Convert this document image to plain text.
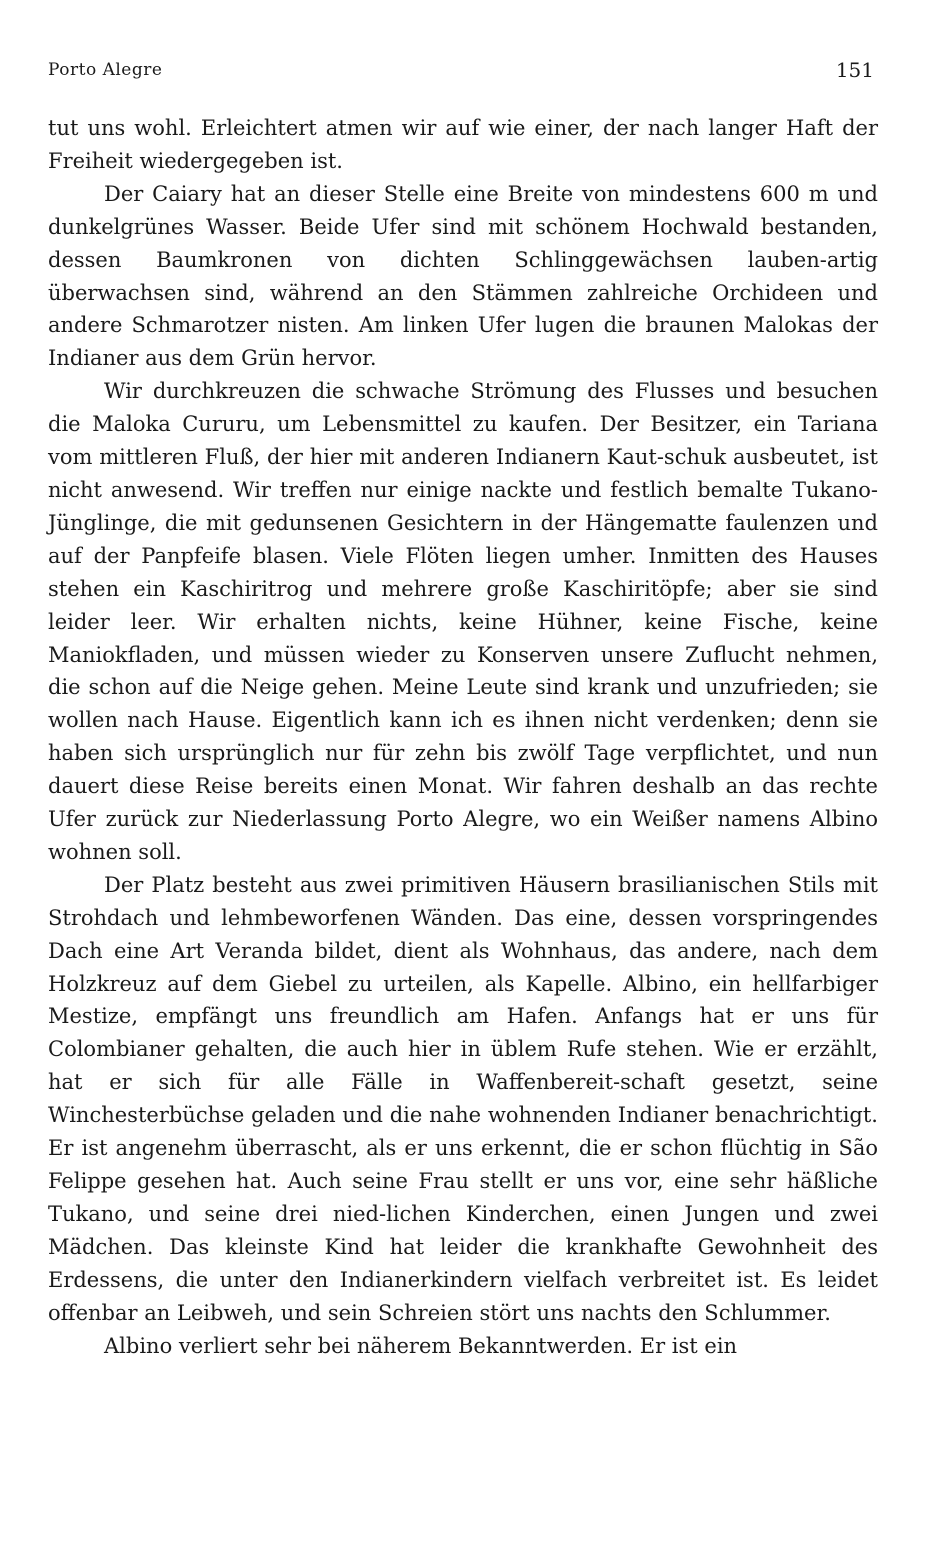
Porto Alegre	151

tut uns wohl. Erleichtert atmen wir auf wie einer, der nach langer Haft der Freiheit wiedergegeben ist.

Der Caiary hat an dieser Stelle eine Breite von mindestens 600 m und dunkelgrünes Wasser. Beide Ufer sind mit schönem Hochwald bestanden, dessen Baumkronen von dichten Schlinggewächsen lauben-artig überwachsen sind, während an den Stämmen zahlreiche Orchideen und andere Schmarotzer nisten. Am linken Ufer lugen die braunen Malokas der Indianer aus dem Grün hervor.

Wir durchkreuzen die schwache Strömung des Flusses und besuchen die Maloka Cururu, um Lebensmittel zu kaufen. Der Besitzer, ein Tariana vom mittleren Fluß, der hier mit anderen Indianern Kaut-schuk ausbeutet, ist nicht anwesend. Wir treffen nur einige nackte und festlich bemalte Tukano-Jünglinge, die mit gedunsenen Gesichtern in der Hängematte faulenzen und auf der Panpfeife blasen. Viele Flöten liegen umher. Inmitten des Hauses stehen ein Kaschiritrog und mehrere große Kaschiritöpfe; aber sie sind leider leer. Wir erhalten nichts, keine Hühner, keine Fische, keine Maniokfladen, und müssen wieder zu Konserven unsere Zuflucht nehmen, die schon auf die Neige gehen. Meine Leute sind krank und unzufrieden; sie wollen nach Hause. Eigentlich kann ich es ihnen nicht verdenken; denn sie haben sich ursprünglich nur für zehn bis zwölf Tage verpflichtet, und nun dauert diese Reise bereits einen Monat. Wir fahren deshalb an das rechte Ufer zurück zur Niederlassung Porto Alegre, wo ein Weißer namens Albino wohnen soll.

Der Platz besteht aus zwei primitiven Häusern brasilianischen Stils mit Strohdach und lehmbeworfenen Wänden. Das eine, dessen vorspringendes Dach eine Art Veranda bildet, dient als Wohnhaus, das andere, nach dem Holzkreuz auf dem Giebel zu urteilen, als Kapelle. Albino, ein hellfarbiger Mestize, empfängt uns freundlich am Hafen. Anfangs hat er uns für Colombianer gehalten, die auch hier in üblem Rufe stehen. Wie er erzählt, hat er sich für alle Fälle in Waffenbereit-schaft gesetzt, seine Winchesterbüchse geladen und die nahe wohnenden Indianer benachrichtigt. Er ist angenehm überrascht, als er uns erkennt, die er schon flüchtig in São Felippe gesehen hat. Auch seine Frau stellt er uns vor, eine sehr häßliche Tukano, und seine drei nied-lichen Kinderchen, einen Jungen und zwei Mädchen. Das kleinste Kind hat leider die krankhafte Gewohnheit des Erdessens, die unter den Indianerkindern vielfach verbreitet ist. Es leidet offenbar an Leibweh, und sein Schreien stört uns nachts den Schlummer.

Albino verliert sehr bei näherem Bekanntwerden. Er ist ein
